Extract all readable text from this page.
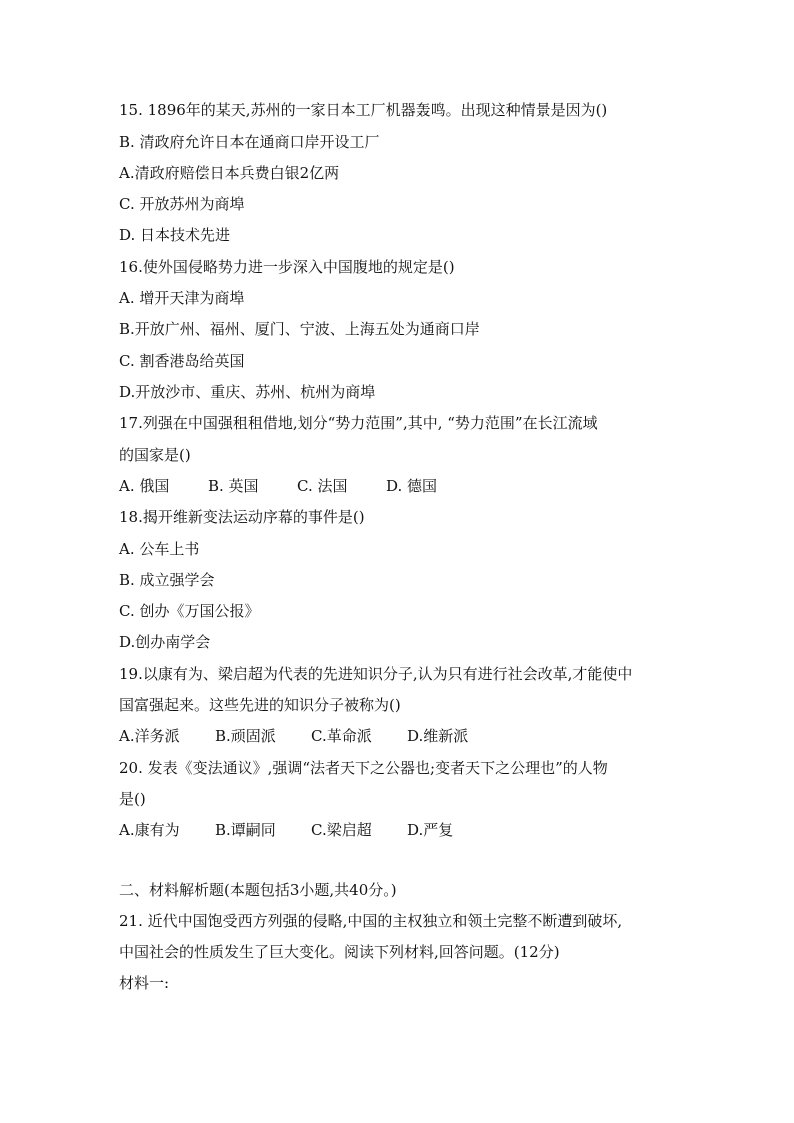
15. 1896年的某天,苏州的一家日本工厂机器轰鸣。出现这种情景是因为()
B. 清政府允许日本在通商口岸开设工厂
A.清政府赔偿日本兵费白银2亿两
C. 开放苏州为商埠
D. 日本技术先进
16.使外国侵略势力进一步深入中国腹地的规定是()
A. 增开天津为商埠
B.开放广州、福州、厦门、宁波、上海五处为通商口岸
C. 割香港岛给英国
D.开放沙市、重庆、苏州、杭州为商埠
17.列强在中国强租租借地,划分“势力范围”,其中, “势力范围”在长江流域
的国家是()
A. 俄国	B. 英国	C. 法国	D. 德国
18.揭开维新变法运动序幕的事件是()
A. 公车上书
B. 成立强学会
C. 创办《万国公报》
D.创办南学会
19.以康有为、梁启超为代表的先进知识分子,认为只有进行社会改革,才能使中
国富强起来。这些先进的知识分子被称为()
A.洋务派	B.顽固派	C.革命派	D.维新派
20. 发表《变法通议》,强调“法者天下之公器也;变者天下之公理也”的人物
是()
A.康有为	B.谭嗣同	C.梁启超	D.严复
二、材料解析题(本题包括3小题,共40分。)
21. 近代中国饱受西方列强的侵略,中国的主权独立和领土完整不断遭到破坏,
中国社会的性质发生了巨大变化。阅读下列材料,回答问题。(12分)
材料一:
